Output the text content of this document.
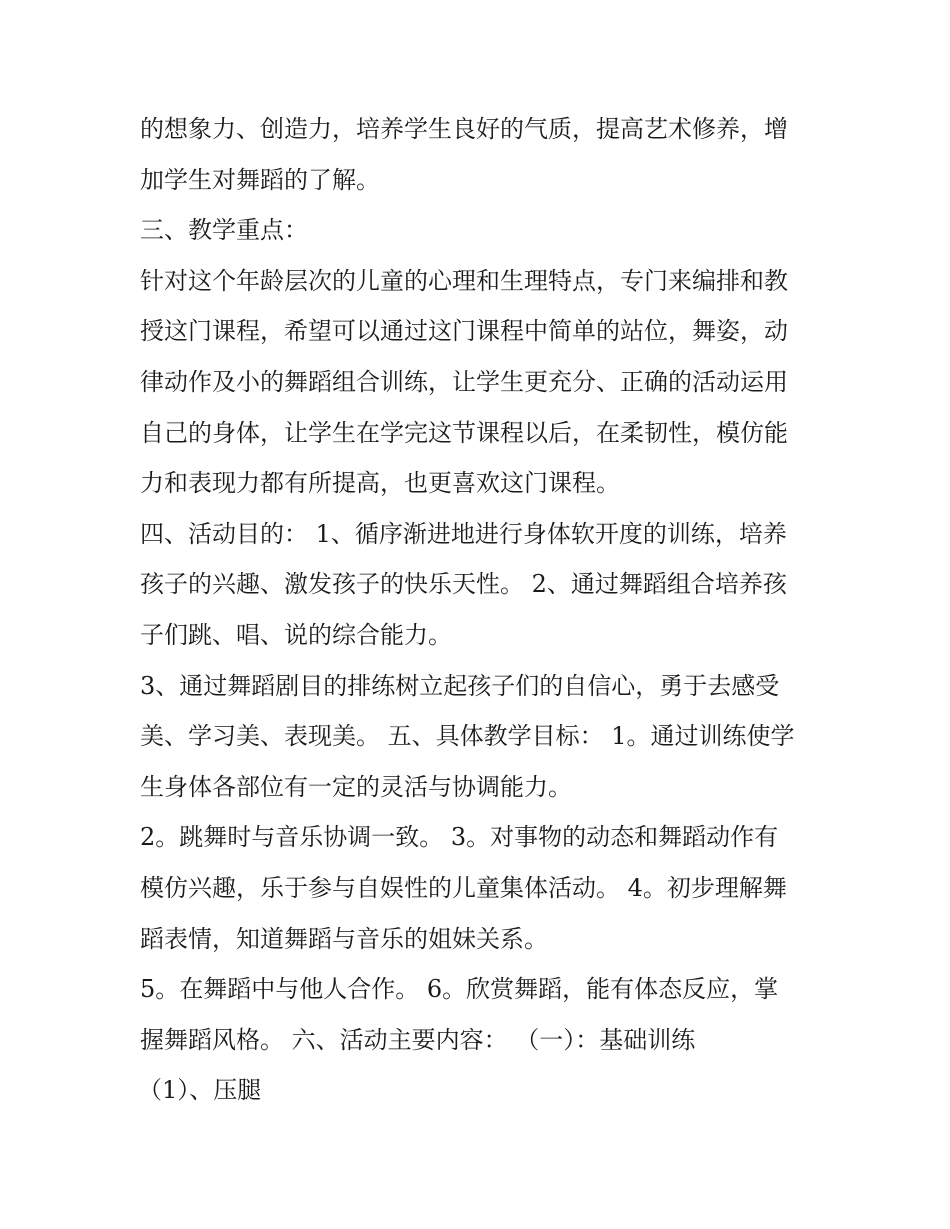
的想象力、创造力，培养学生良好的气质，提高艺术修养，增
加学生对舞蹈的了解。
三、教学重点：
针对这个年龄层次的儿童的心理和生理特点，专门来编排和教
授这门课程，希望可以通过这门课程中简单的站位，舞姿，动
律动作及小的舞蹈组合训练，让学生更充分、正确的活动运用
自己的身体，让学生在学完这节课程以后，在柔韧性，模仿能
力和表现力都有所提高，也更喜欢这门课程。
四、活动目的： 1、循序渐进地进行身体软开度的训练，培养
孩子的兴趣、激发孩子的快乐天性。 2、通过舞蹈组合培养孩
子们跳、唱、说的综合能力。
3、通过舞蹈剧目的排练树立起孩子们的自信心，勇于去感受
美、学习美、表现美。 五、具体教学目标： 1。通过训练使学
生身体各部位有一定的灵活与协调能力。
2。跳舞时与音乐协调一致。 3。对事物的动态和舞蹈动作有
模仿兴趣，乐于参与自娱性的儿童集体活动。 4。初步理解舞
蹈表情，知道舞蹈与音乐的姐妹关系。
5。在舞蹈中与他人合作。 6。欣赏舞蹈，能有体态反应，掌
握舞蹈风格。 六、活动主要内容： （一）：基础训练
（1）、压腿
